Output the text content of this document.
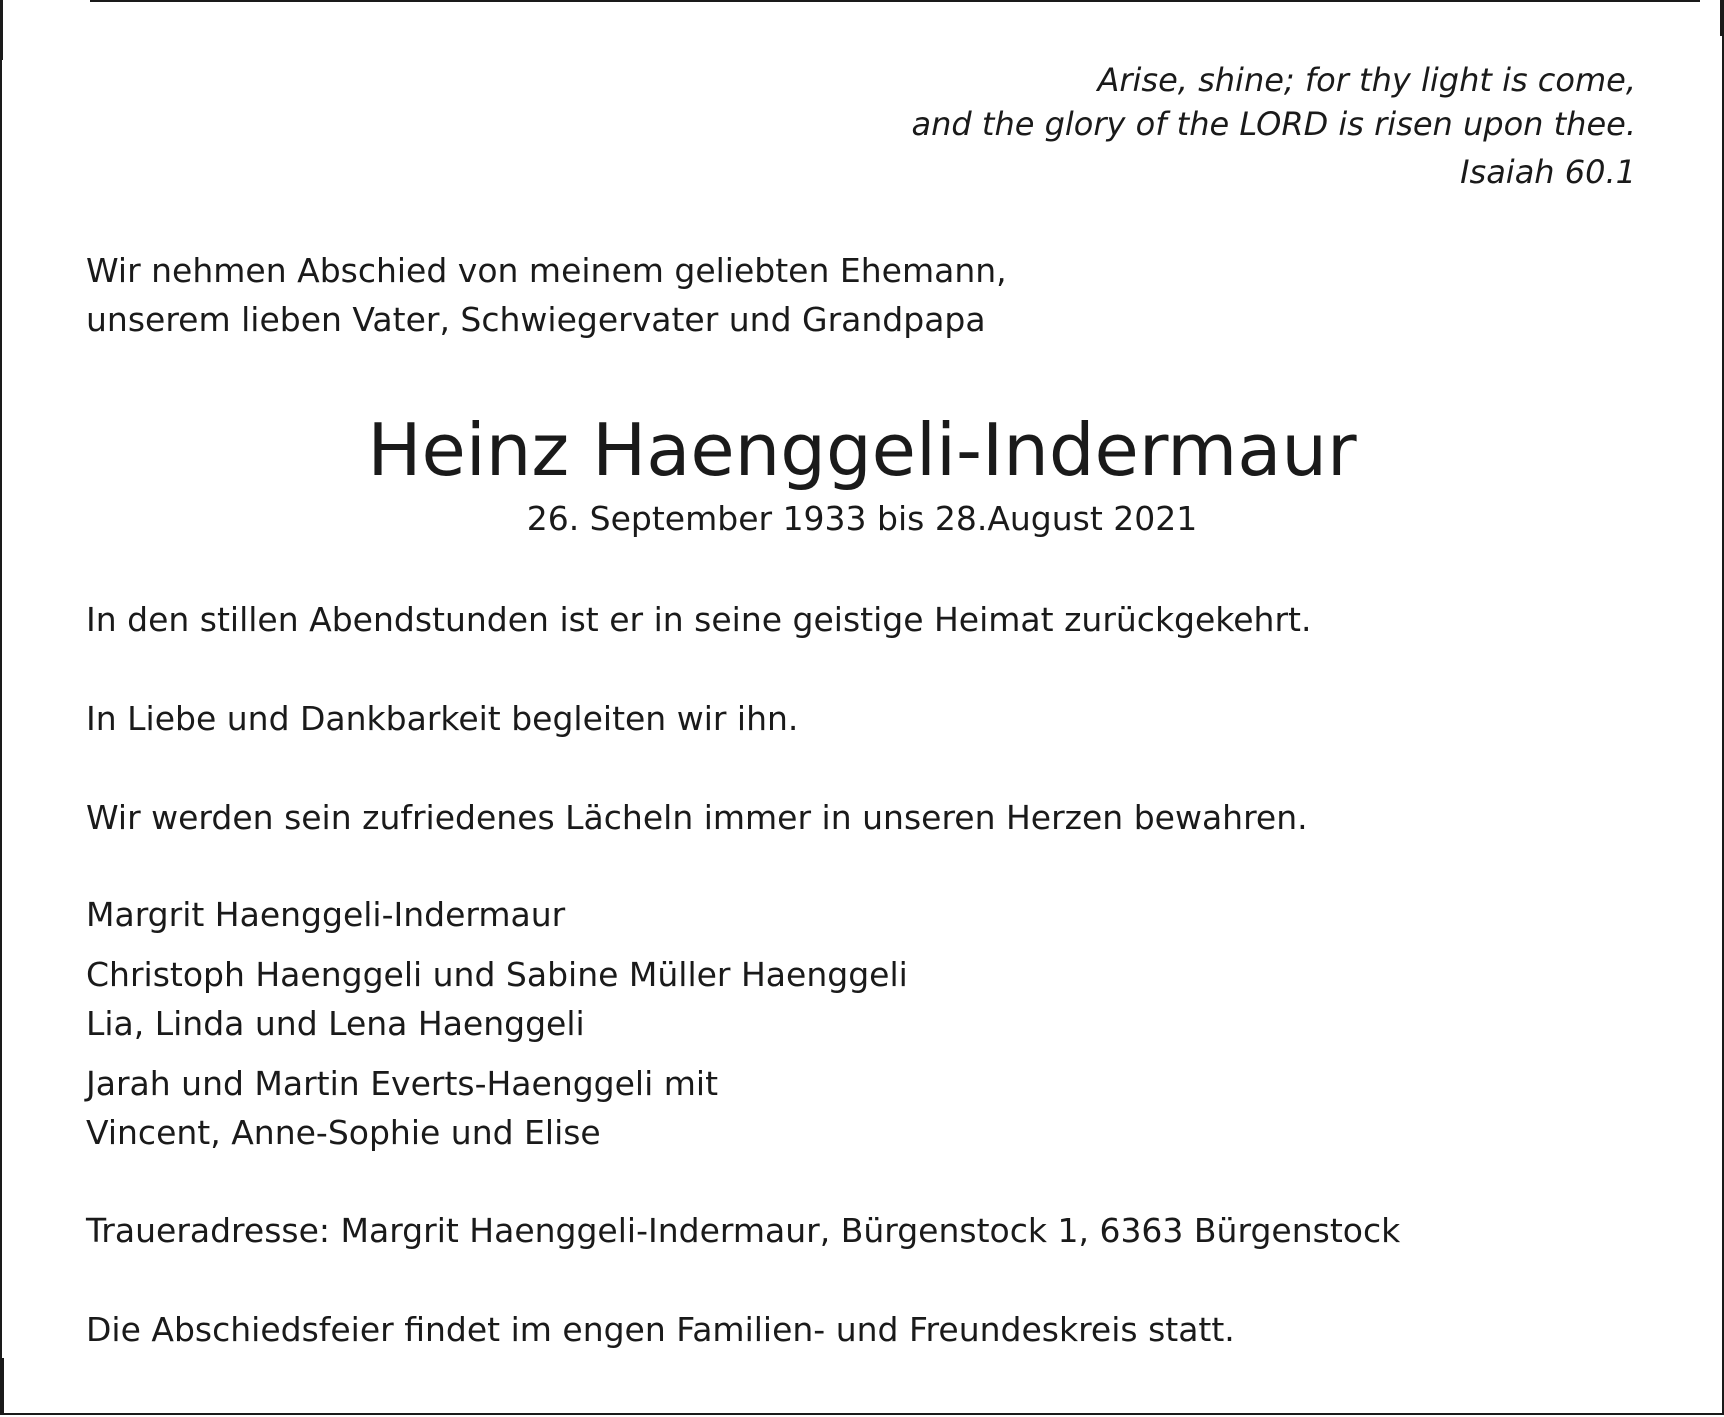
Arise, shine; for thy light is come,
and the glory of the LORD is risen upon thee.
Isaiah 60.1
Wir nehmen Abschied von meinem geliebten Ehemann,
unserem lieben Vater, Schwiegervater und Grandpapa
Heinz Haenggeli-Indermaur
26. September 1933 bis 28.August 2021

In den stillen Abendstunden ist er in seine geistige Heimat zurückgekehrt.

In Liebe und Dankbarkeit begleiten wir ihn.

Wir werden sein zufriedenes Lächeln immer in unseren Herzen bewahren.

Margrit Haenggeli-Indermaur
Christoph Haenggeli und Sabine Müller Haenggeli
Lia, Linda und Lena Haenggeli
Jarah und Martin Everts-Haenggeli mit
Vincent, Anne-Sophie und Elise

Traueradresse: Margrit Haenggeli-Indermaur, Bürgenstock 1, 6363 Bürgenstock

Die Abschiedsfeier findet im engen Familien- und Freundeskreis statt.
